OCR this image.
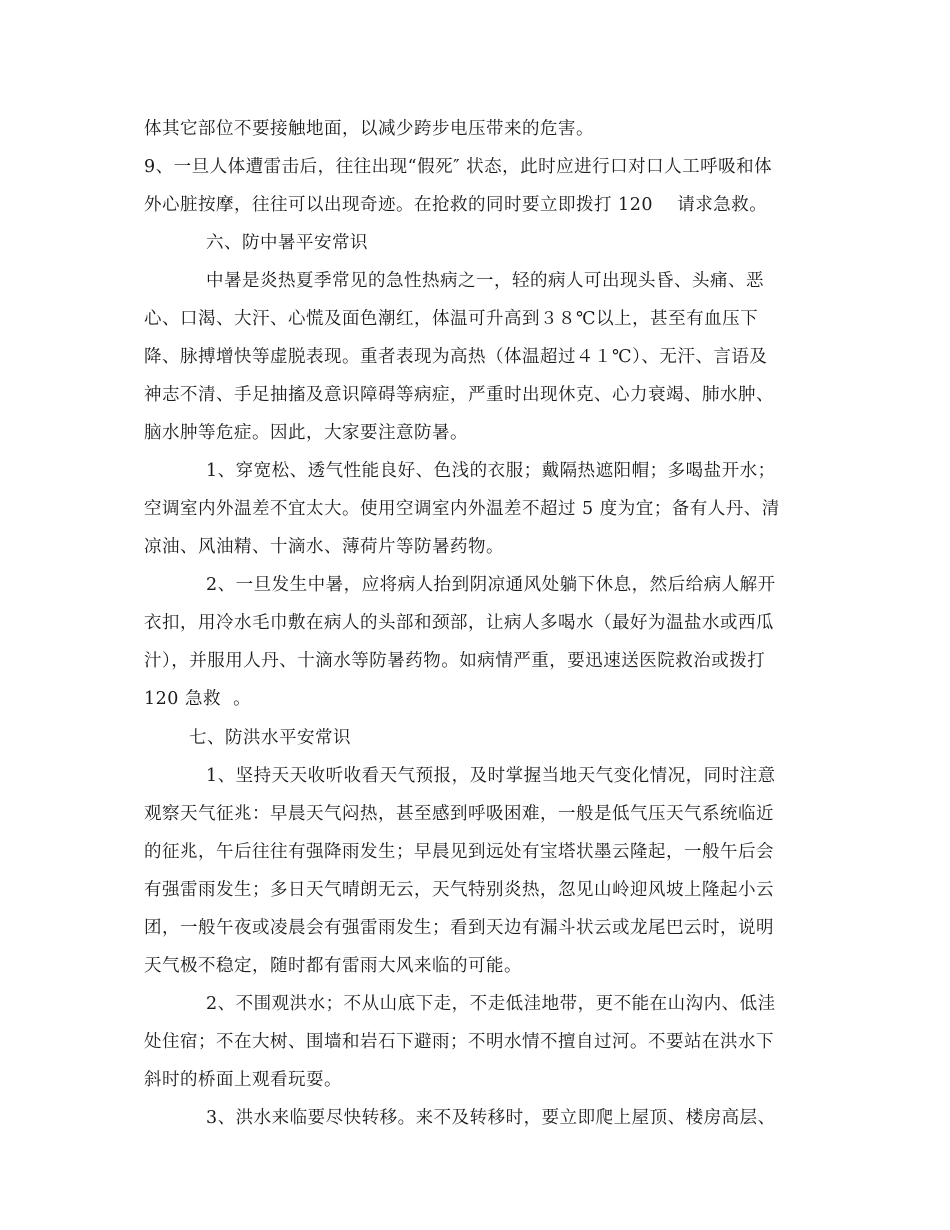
体其它部位不要接触地面，以减少跨步电压带来的危害。
9、一旦人体遭雷击后，往往出现“假死″ 状态，此时应进行口对口人工呼吸和体
外心脏按摩，往往可以出现奇迹。在抢救的同时要立即拨打 120    请求急救。
六、防中暑平安常识
中暑是炎热夏季常见的急性热病之一，轻的病人可出现头昏、头痛、恶
心、口渴、大汗、心慌及面色潮红，体温可升高到３８℃以上，甚至有血压下
降、脉搏增快等虚脱表现。重者表现为高热（体温超过４１℃）、无汗、言语及
神志不清、手足抽搐及意识障碍等病症，严重时出现休克、心力衰竭、肺水肿、
脑水肿等危症。因此，大家要注意防暑。
1、穿宽松、透气性能良好、色浅的衣服；戴隔热遮阳帽；多喝盐开水；
空调室内外温差不宜太大。使用空调室内外温差不超过 5 度为宜；备有人丹、清
凉油、风油精、十滴水、薄荷片等防暑药物。
2、一旦发生中暑，应将病人抬到阴凉通风处躺下休息，然后给病人解开
衣扣，用冷水毛巾敷在病人的头部和颈部，让病人多喝水（最好为温盐水或西瓜
汁），并服用人丹、十滴水等防暑药物。如病情严重，要迅速送医院救治或拨打
120 急救  。
七、防洪水平安常识
1、坚持天天收听收看天气预报，及时掌握当地天气变化情况，同时注意
观察天气征兆：早晨天气闷热，甚至感到呼吸困难，一般是低气压天气系统临近
的征兆，午后往往有强降雨发生；早晨见到远处有宝塔状墨云隆起，一般午后会
有强雷雨发生；多日天气晴朗无云，天气特别炎热，忽见山岭迎风坡上隆起小云
团，一般午夜或凌晨会有强雷雨发生；看到天边有漏斗状云或龙尾巴云时，说明
天气极不稳定，随时都有雷雨大风来临的可能。
2、不围观洪水；不从山底下走，不走低洼地带，更不能在山沟内、低洼
处住宿；不在大树、围墙和岩石下避雨；不明水情不擅自过河。不要站在洪水下
斜时的桥面上观看玩耍。
3、洪水来临要尽快转移。来不及转移时，要立即爬上屋顶、楼房高层、
